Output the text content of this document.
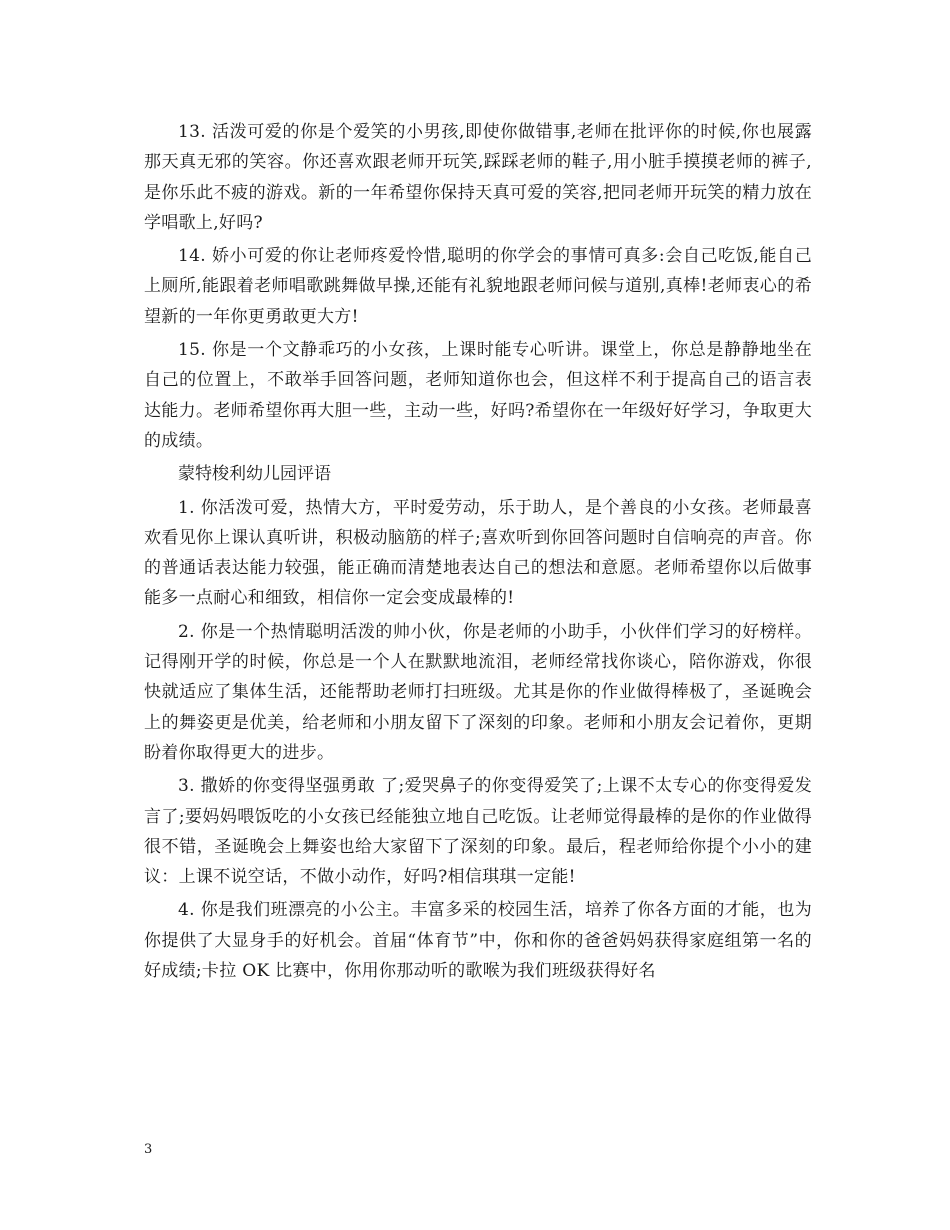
13. 活泼可爱的你是个爱笑的小男孩,即使你做错事,老师在批评你的时候,你也展露那天真无邪的笑容。你还喜欢跟老师开玩笑,踩踩老师的鞋子,用小脏手摸摸老师的裤子,是你乐此不疲的游戏。新的一年希望你保持天真可爱的笑容,把同老师开玩笑的精力放在学唱歌上,好吗?

14. 娇小可爱的你让老师疼爱怜惜,聪明的你学会的事情可真多:会自己吃饭,能自己上厕所,能跟着老师唱歌跳舞做早操,还能有礼貌地跟老师问候与道别,真棒!老师衷心的希望新的一年你更勇敢更大方!

15. 你是一个文静乖巧的小女孩，上课时能专心听讲。课堂上，你总是静静地坐在自己的位置上，不敢举手回答问题，老师知道你也会，但这样不利于提高自己的语言表达能力。老师希望你再大胆一些，主动一些，好吗?希望你在一年级好好学习，争取更大的成绩。

蒙特梭利幼儿园评语

1. 你活泼可爱，热情大方，平时爱劳动，乐于助人，是个善良的小女孩。老师最喜欢看见你上课认真听讲，积极动脑筋的样子;喜欢听到你回答问题时自信响亮的声音。你的普通话表达能力较强，能正确而清楚地表达自己的想法和意愿。老师希望你以后做事能多一点耐心和细致，相信你一定会变成最棒的!

2. 你是一个热情聪明活泼的帅小伙，你是老师的小助手，小伙伴们学习的好榜样。记得刚开学的时候，你总是一个人在默默地流泪，老师经常找你谈心，陪你游戏，你很快就适应了集体生活，还能帮助老师打扫班级。尤其是你的作业做得棒极了，圣诞晚会上的舞姿更是优美，给老师和小朋友留下了深刻的印象。老师和小朋友会记着你，更期盼着你取得更大的进步。

3. 撒娇的你变得坚强勇敢 了;爱哭鼻子的你变得爱笑了;上课不太专心的你变得爱发言了;要妈妈喂饭吃的小女孩已经能独立地自己吃饭。让老师觉得最棒的是你的作业做得很不错，圣诞晚会上舞姿也给大家留下了深刻的印象。最后，程老师给你提个小小的建议：上课不说空话，不做小动作，好吗?相信琪琪一定能!

4. 你是我们班漂亮的小公主。丰富多采的校园生活，培养了你各方面的才能，也为你提供了大显身手的好机会。首届“体育节”中，你和你的爸爸妈妈获得家庭组第一名的好成绩;卡拉 OK 比赛中，你用你那动听的歌喉为我们班级获得好名

3
